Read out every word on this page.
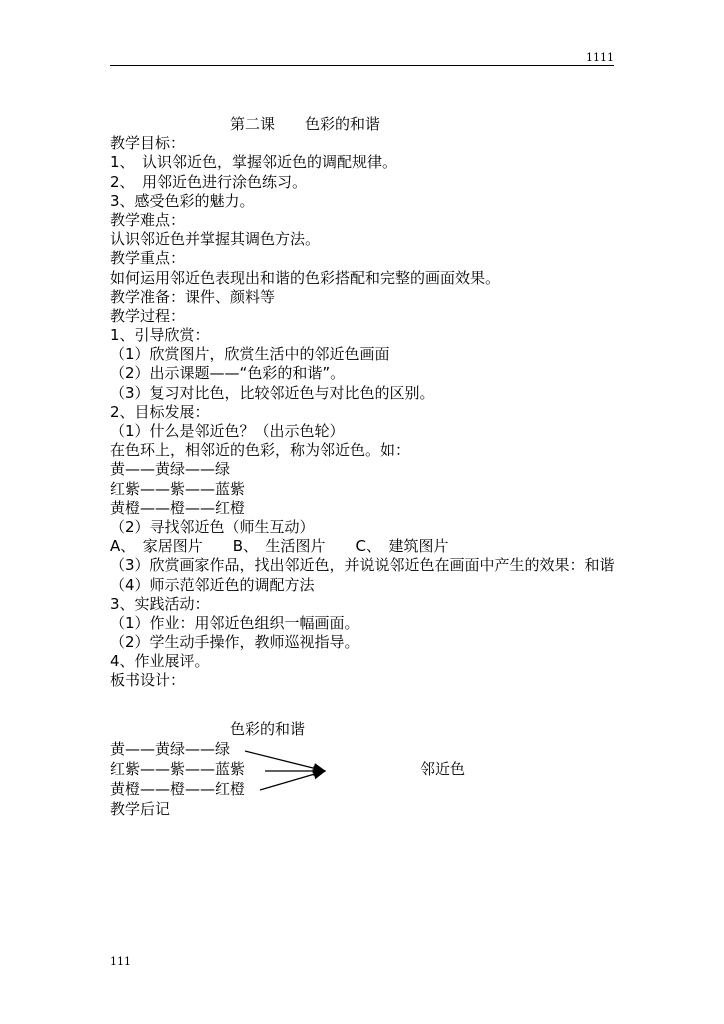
1111
第二课　　色彩的和谐
教学目标：
1、　认识邻近色，掌握邻近色的调配规律。
2、　用邻近色进行涂色练习。
3、感受色彩的魅力。
教学难点：
认识邻近色并掌握其调色方法。
教学重点：
如何运用邻近色表现出和谐的色彩搭配和完整的画面效果。
教学准备：课件、颜料等
教学过程：
1、引导欣赏：
（1）欣赏图片，欣赏生活中的邻近色画面
（2）出示课题——“色彩的和谐”。
（3）复习对比色，比较邻近色与对比色的区别。
2、目标发展：
（1）什么是邻近色？（出示色轮）
在色环上，相邻近的色彩，称为邻近色。如：
黄——黄绿——绿
红紫——紫——蓝紫
黄橙——橙——红橙
（2）寻找邻近色（师生互动）
A、　家居图片　　B、　生活图片　　C、　建筑图片
（3）欣赏画家作品，找出邻近色，并说说邻近色在画面中产生的效果：和谐
（4）师示范邻近色的调配方法
3、实践活动：
（1）作业：用邻近色组织一幅画面。
（2）学生动手操作，教师巡视指导。
4、作业展评。
板书设计：
色彩的和谐
黄——黄绿——绿
红紫——紫——蓝紫
黄橙——橙——红橙
教学后记
邻近色
111
